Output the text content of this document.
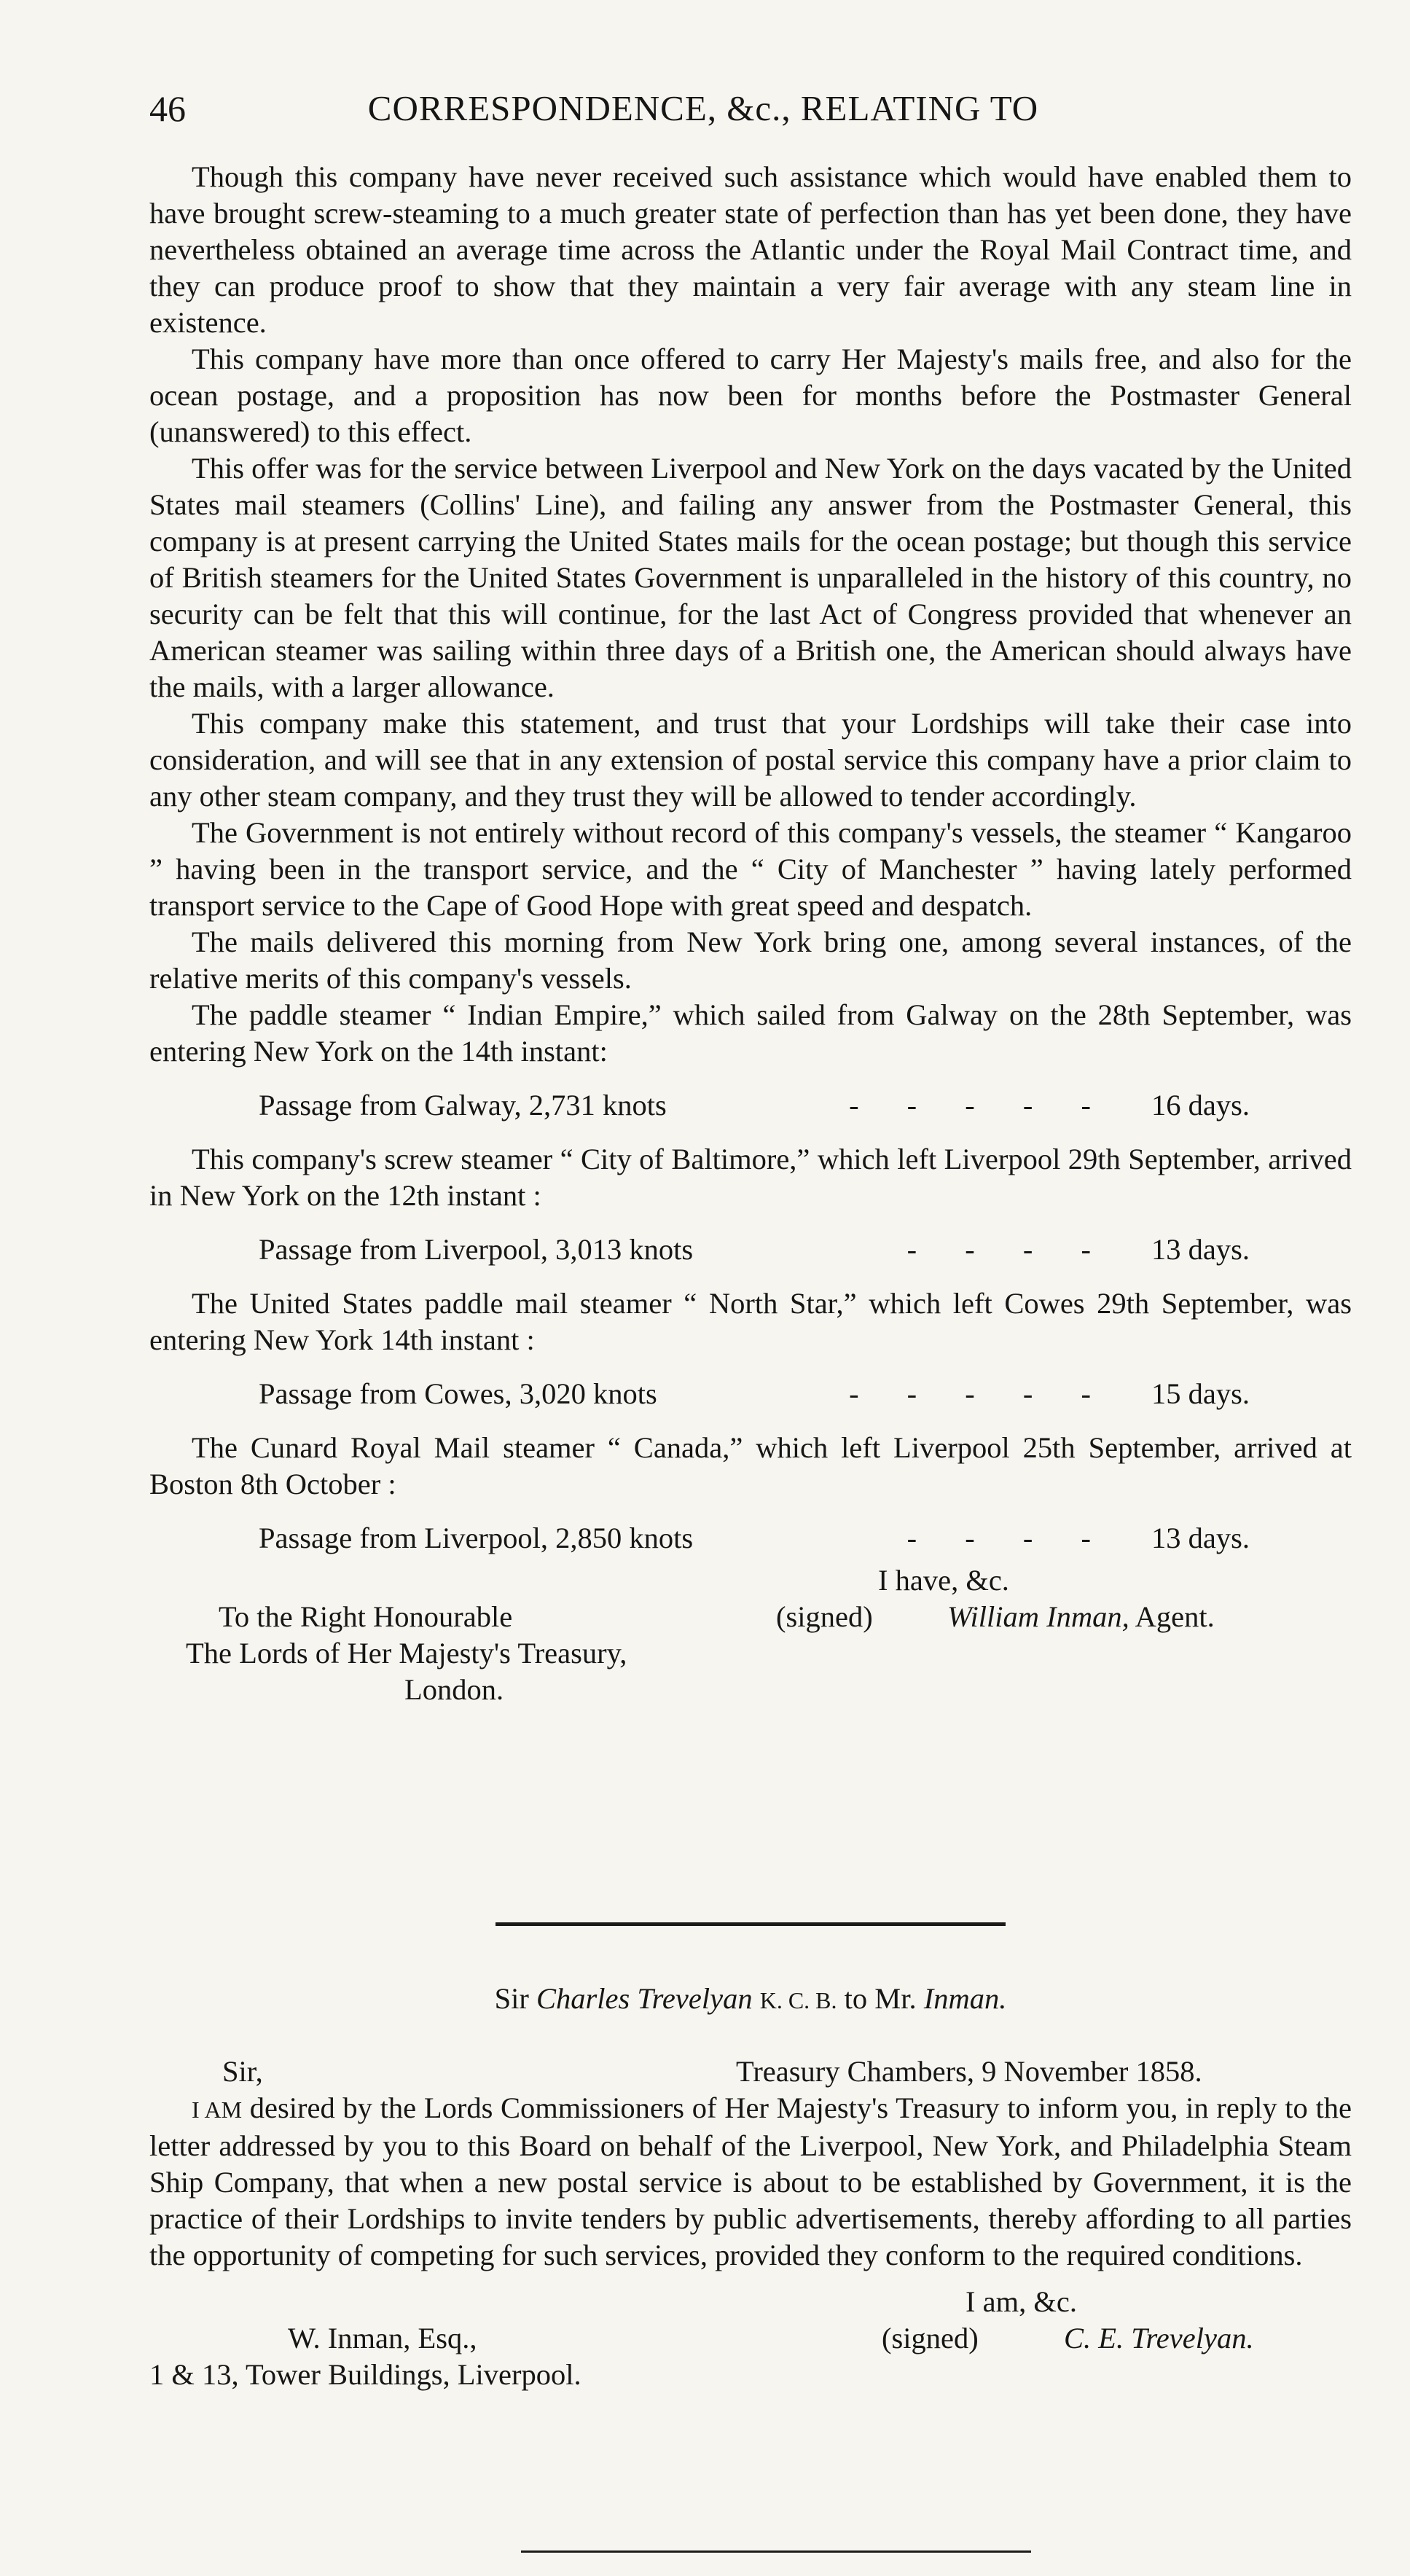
46	CORRESPONDENCE, &c., RELATING TO

Though this company have never received such assistance which would have enabled them to have brought screw-steaming to a much greater state of perfection than has yet been done, they have nevertheless obtained an average time across the Atlantic under the Royal Mail Contract time, and they can produce proof to show that they maintain a very fair average with any steam line in existence.

This company have more than once offered to carry Her Majesty's mails free, and also for the ocean postage, and a proposition has now been for months before the Postmaster General (unanswered) to this effect.

This offer was for the service between Liverpool and New York on the days vacated by the United States mail steamers (Collins' Line), and failing any answer from the Postmaster General, this company is at present carrying the United States mails for the ocean postage; but though this service of British steamers for the United States Government is unparalleled in the history of this country, no security can be felt that this will continue, for the last Act of Congress provided that whenever an American steamer was sailing within three days of a British one, the American should always have the mails, with a larger allowance.

This company make this statement, and trust that your Lordships will take their case into consideration, and will see that in any extension of postal service this company have a prior claim to any other steam company, and they trust they will be allowed to tender accordingly.

The Government is not entirely without record of this company's vessels, the steamer “ Kangaroo ” having been in the transport service, and the “ City of Manchester ” having lately performed transport service to the Cape of Good Hope with great speed and despatch.

The mails delivered this morning from New York bring one, among several instances, of the relative merits of this company's vessels.

The paddle steamer “ Indian Empire,” which sailed from Galway on the 28th September, was entering New York on the 14th instant:

Passage from Galway, 2,731 knots	- - - - -	16 days.

This company's screw steamer “ City of Baltimore,” which left Liverpool 29th September, arrived in New York on the 12th instant :

Passage from Liverpool, 3,013 knots	- - - -	13 days.

The United States paddle mail steamer “ North Star,” which left Cowes 29th September, was entering New York 14th instant :

Passage from Cowes, 3,020 knots	- - - - -	15 days.

The Cunard Royal Mail steamer “ Canada,” which left Liverpool 25th September, arrived at Boston 8th October :

Passage from Liverpool, 2,850 knots	- - - -	13 days.
I have, &c.
To the Right Honourable	(signed)	William Inman, Agent.
The Lords of Her Majesty's Treasury,
London.
Sir Charles Trevelyan K. C. B. to Mr. Inman.
Sir,	Treasury Chambers, 9 November 1858.

I AM desired by the Lords Commissioners of Her Majesty's Treasury to inform you, in reply to the letter addressed by you to this Board on behalf of the Liverpool, New York, and Philadelphia Steam Ship Company, that when a new postal service is about to be established by Government, it is the practice of their Lordships to invite tenders by public advertisements, thereby affording to all parties the opportunity of competing for such services, provided they conform to the required conditions.

I am, &c.
W. Inman, Esq.,	(signed)	C. E. Trevelyan.
1 & 13, Tower Buildings, Liverpool.
